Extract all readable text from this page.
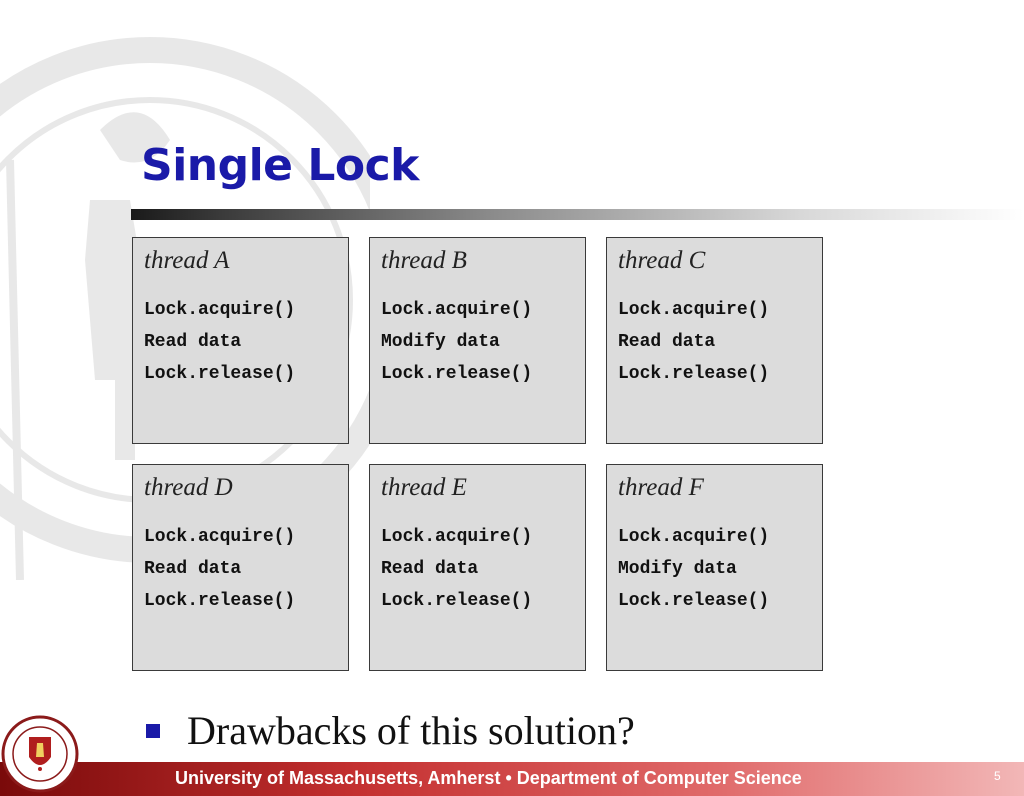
Single Lock
thread A
Lock.acquire()
Read data
Lock.release()
thread B
Lock.acquire()
Modify data
Lock.release()
thread C
Lock.acquire()
Read data
Lock.release()
thread D
Lock.acquire()
Read data
Lock.release()
thread E
Lock.acquire()
Read data
Lock.release()
thread F
Lock.acquire()
Modify data
Lock.release()
Drawbacks of this solution?
University of Massachusetts, Amherst • Department of Computer Science	5
